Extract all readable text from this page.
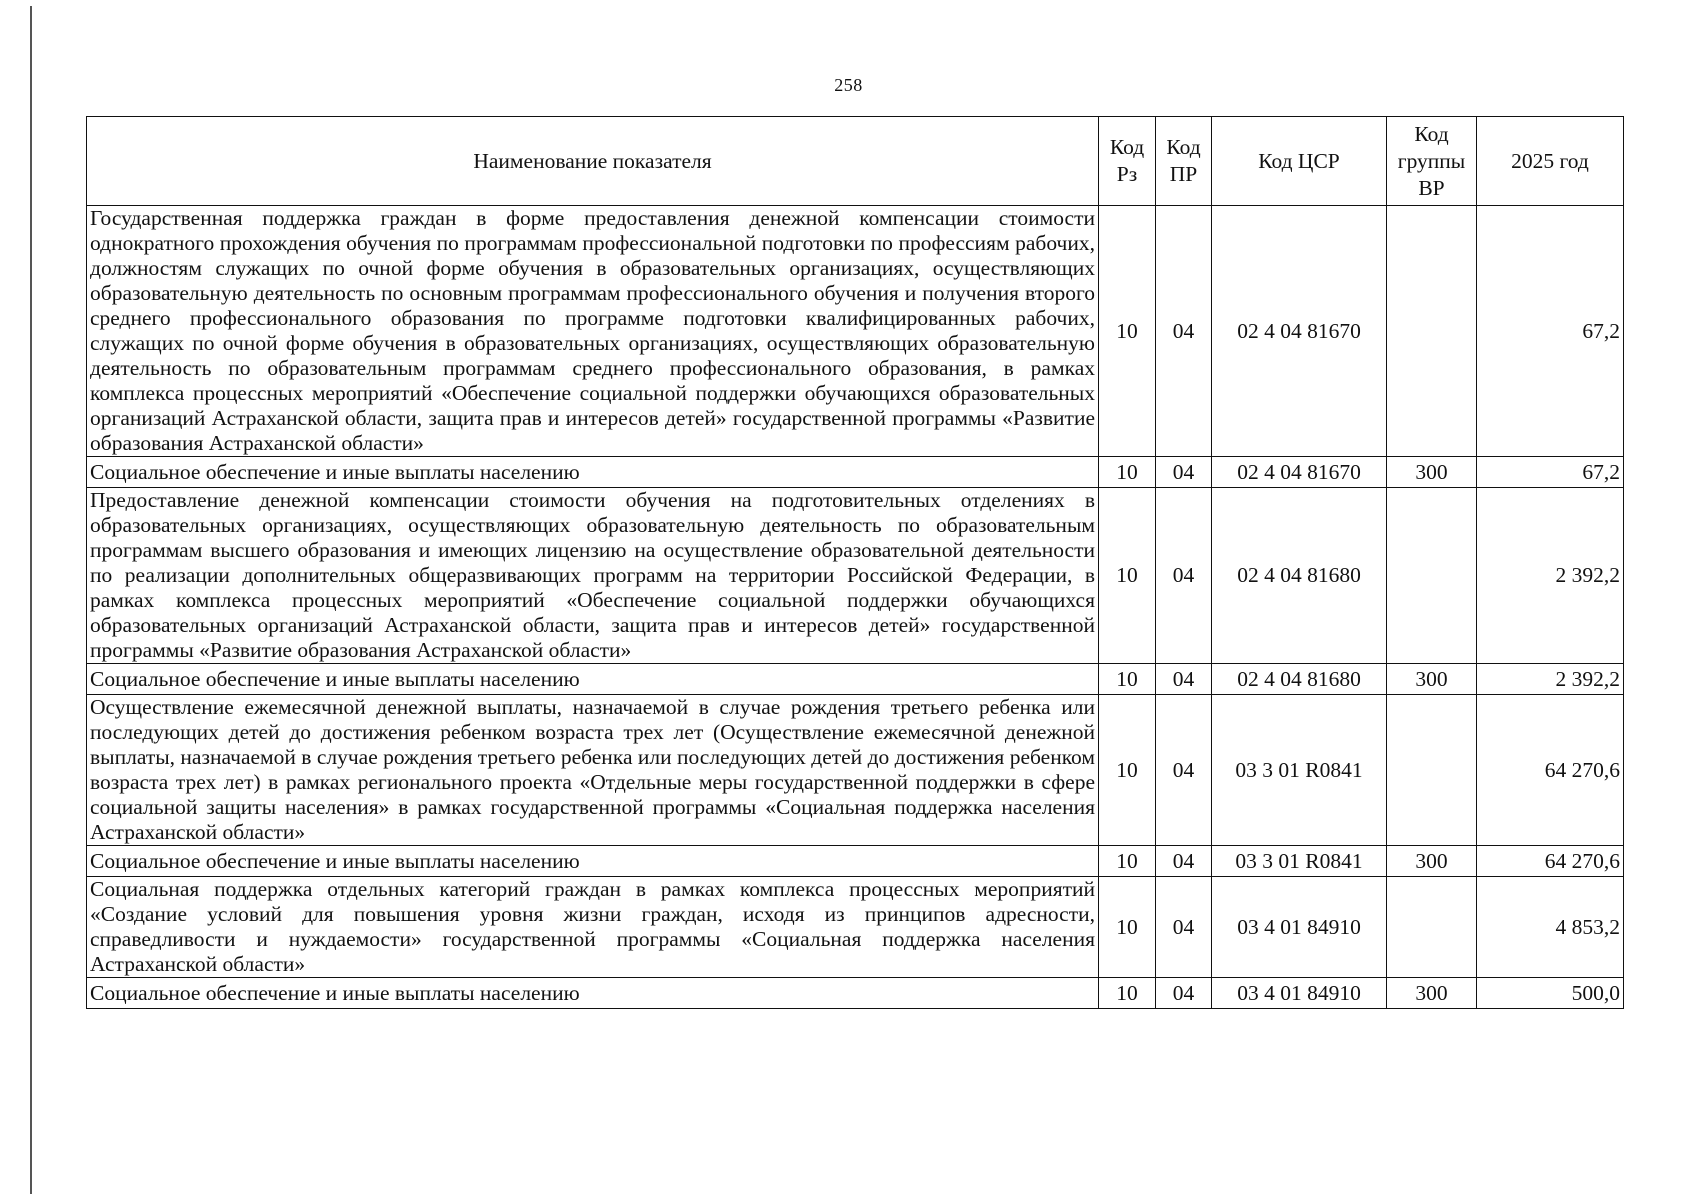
258
Наименование показателя	Код Рз	Код ПР	Код ЦСР	Код группы ВР	2025 год
Государственная поддержка граждан в форме предоставления денежной компенсации стоимости однократного прохождения обучения по программам профессиональной подготовки по профессиям рабочих, должностям служащих по очной форме обучения в образовательных организациях, осуществляющих образовательную деятельность по основным программам профессионального обучения и получения второго среднего профессионального образования по программе подготовки квалифицированных рабочих, служащих по очной форме обучения в образовательных организациях, осуществляющих образовательную деятельность по образовательным программам среднего профессионального образования, в рамках комплекса процессных мероприятий «Обеспечение социальной поддержки обучающихся образовательных организаций Астраханской области, защита прав и интересов детей» государственной программы «Развитие образования Астраханской области»	10	04	02 4 04 81670		67,2
Социальное обеспечение и иные выплаты населению	10	04	02 4 04 81670	300	67,2
Предоставление денежной компенсации стоимости обучения на подготовительных отделениях в образовательных организациях, осуществляющих образовательную деятельность по образовательным программам высшего образования и имеющих лицензию на осуществление образовательной деятельности по реализации дополнительных общеразвивающих программ на территории Российской Федерации, в рамках комплекса процессных мероприятий «Обеспечение социальной поддержки обучающихся образовательных организаций Астраханской области, защита прав и интересов детей» государственной программы «Развитие образования Астраханской области»	10	04	02 4 04 81680		2 392,2
Социальное обеспечение и иные выплаты населению	10	04	02 4 04 81680	300	2 392,2
Осуществление ежемесячной денежной выплаты, назначаемой в случае рождения третьего ребенка или последующих детей до достижения ребенком возраста трех лет (Осуществление ежемесячной денежной выплаты, назначаемой в случае рождения третьего ребенка или последующих детей до достижения ребенком возраста трех лет) в рамках регионального проекта «Отдельные меры государственной поддержки в сфере социальной защиты населения» в рамках государственной программы «Социальная поддержка населения Астраханской области»	10	04	03 3 01 R0841		64 270,6
Социальное обеспечение и иные выплаты населению	10	04	03 3 01 R0841	300	64 270,6
Социальная поддержка отдельных категорий граждан в рамках комплекса процессных мероприятий «Создание условий для повышения уровня жизни граждан, исходя из принципов адресности, справедливости и нуждаемости» государственной программы «Социальная поддержка населения Астраханской области»	10	04	03 4 01 84910		4 853,2
Социальное обеспечение и иные выплаты населению	10	04	03 4 01 84910	300	500,0
